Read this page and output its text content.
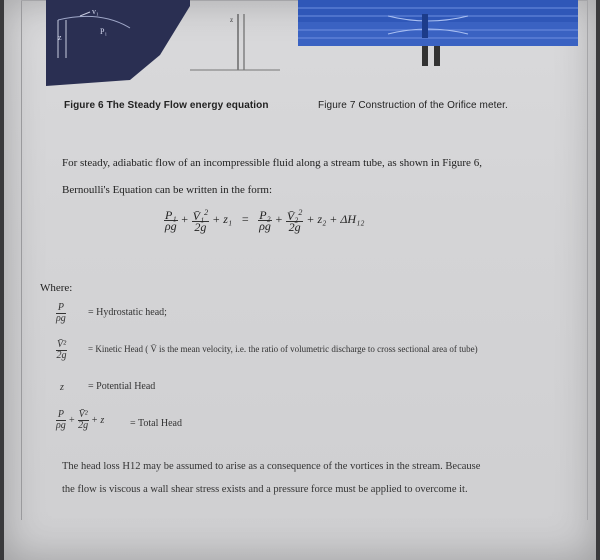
z
v₁
P₁
z
Figure 6 The Steady Flow energy equation	Figure 7 Construction of the Orifice meter.
For steady, adiabatic flow of an incompressible fluid along a stream tube, as shown in Figure 6,
Bernoulli's Equation can be written in the form:
$\frac{\text{P₁}}{\rho g} + \frac{V̄_1^2}{2g} + z_1 = \frac{\text{P₂}}{\rho g} + \frac{V̄_2^2}{2g} + z_2 + \Delta H_{12}$
Where:
$\frac{P}{\rho g}$ = Hydrostatic head;
$\frac{\text{V̄²}}{2g}$ = Kinetic Head ( V̄ is the mean velocity, i.e. the ratio of volumetric discharge to cross sectional area of tube)
z = Potential Head
$\frac{P}{\rho g} + \frac{\text{V̄²}}{2g} + z$	= Total Head
The head loss H12 may be assumed to arise as a consequence of the vortices in the stream. Because
the flow is viscous a wall shear stress exists and a pressure force must be applied to overcome it.
